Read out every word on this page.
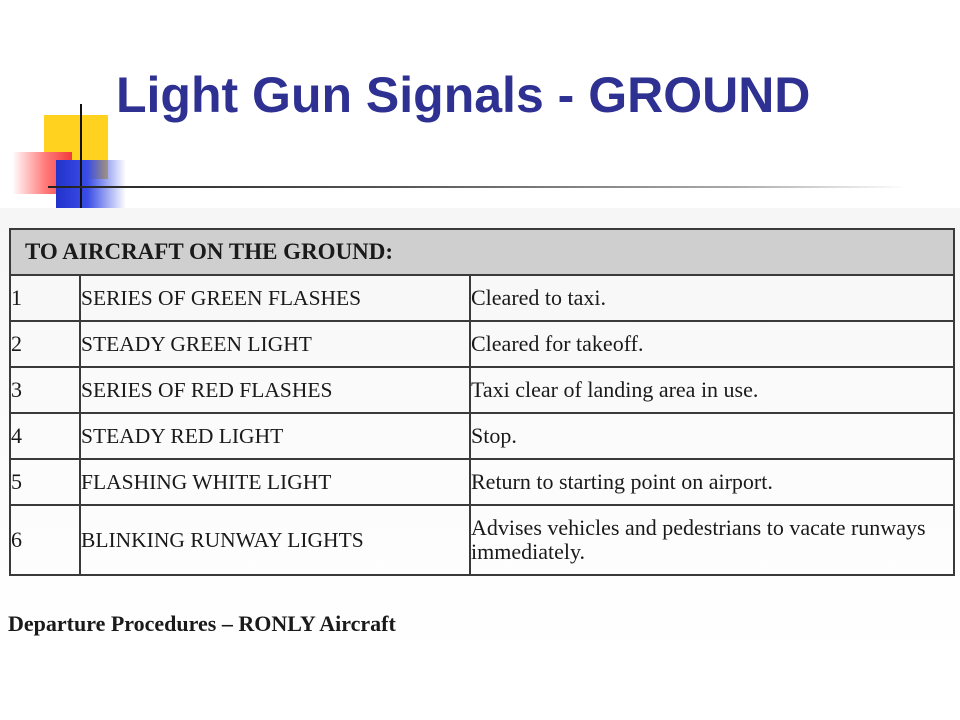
Light Gun Signals - GROUND
TO AIRCRAFT ON THE GROUND:		
1	SERIES OF GREEN FLASHES	Cleared to taxi.
2	STEADY GREEN LIGHT	Cleared for takeoff.
3	SERIES OF RED FLASHES	Taxi clear of landing area in use.
4	STEADY RED LIGHT	Stop.
5	FLASHING WHITE LIGHT	Return to starting point on airport.
6	BLINKING RUNWAY LIGHTS	Advises vehicles and pedestrians to vacate runways immediately.

Departure Procedures – RONLY Aircraft
